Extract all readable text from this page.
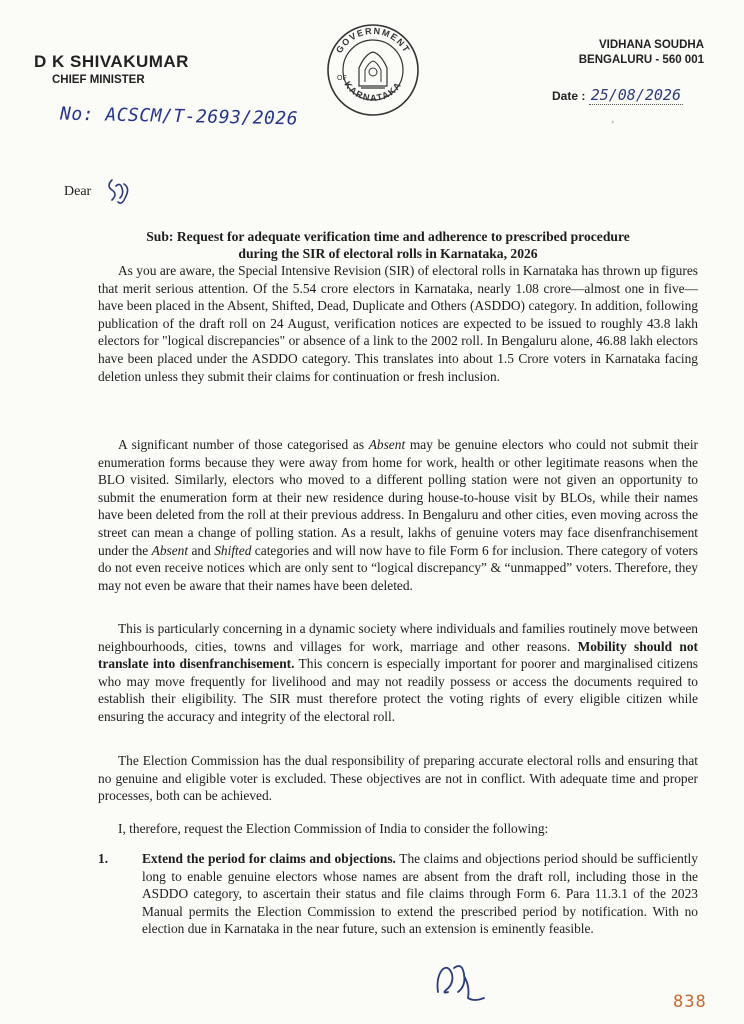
D K SHIVAKUMAR
CHIEF MINISTER
GOVERNMENT
KARNATAKA
OF
VIDHANA SOUDHA
BENGALURU - 560 001
Date : 25/08/2026
'
No: ACSCM/T-2693/2026
Dear
Sub: Request for adequate verification time and adherence to prescribed procedure during the SIR of electoral rolls in Karnataka, 2026
As you are aware, the Special Intensive Revision (SIR) of electoral rolls in Karnataka has thrown up figures that merit serious attention. Of the 5.54 crore electors in Karnataka, nearly 1.08 crore—almost one in five—have been placed in the Absent, Shifted, Dead, Duplicate and Others (ASDDO) category. In addition, following publication of the draft roll on 24 August, verification notices are expected to be issued to roughly 43.8 lakh electors for "logical discrepancies" or absence of a link to the 2002 roll. In Bengaluru alone, 46.88 lakh electors have been placed under the ASDDO category. This translates into about 1.5 Crore voters in Karnataka facing deletion unless they submit their claims for continuation or fresh inclusion.
A significant number of those categorised as Absent may be genuine electors who could not submit their enumeration forms because they were away from home for work, health or other legitimate reasons when the BLO visited. Similarly, electors who moved to a different polling station were not given an opportunity to submit the enumeration form at their new residence during house-to-house visit by BLOs, while their names have been deleted from the roll at their previous address. In Bengaluru and other cities, even moving across the street can mean a change of polling station. As a result, lakhs of genuine voters may face disenfranchisement under the Absent and Shifted categories and will now have to file Form 6 for inclusion. There category of voters do not even receive notices which are only sent to “logical discrepancy” & “unmapped” voters. Therefore, they may not even be aware that their names have been deleted.
This is particularly concerning in a dynamic society where individuals and families routinely move between neighbourhoods, cities, towns and villages for work, marriage and other reasons. Mobility should not translate into disenfranchisement. This concern is especially important for poorer and marginalised citizens who may move frequently for livelihood and may not readily possess or access the documents required to establish their eligibility. The SIR must therefore protect the voting rights of every eligible citizen while ensuring the accuracy and integrity of the electoral roll.
The Election Commission has the dual responsibility of preparing accurate electoral rolls and ensuring that no genuine and eligible voter is excluded. These objectives are not in conflict. With adequate time and proper processes, both can be achieved.
I, therefore, request the Election Commission of India to consider the following:
1.	Extend the period for claims and objections. The claims and objections period should be sufficiently long to enable genuine electors whose names are absent from the draft roll, including those in the ASDDO category, to ascertain their status and file claims through Form 6. Para 11.3.1 of the 2023 Manual permits the Election Commission to extend the prescribed period by notification. With no election due in Karnataka in the near future, such an extension is eminently feasible.
838
